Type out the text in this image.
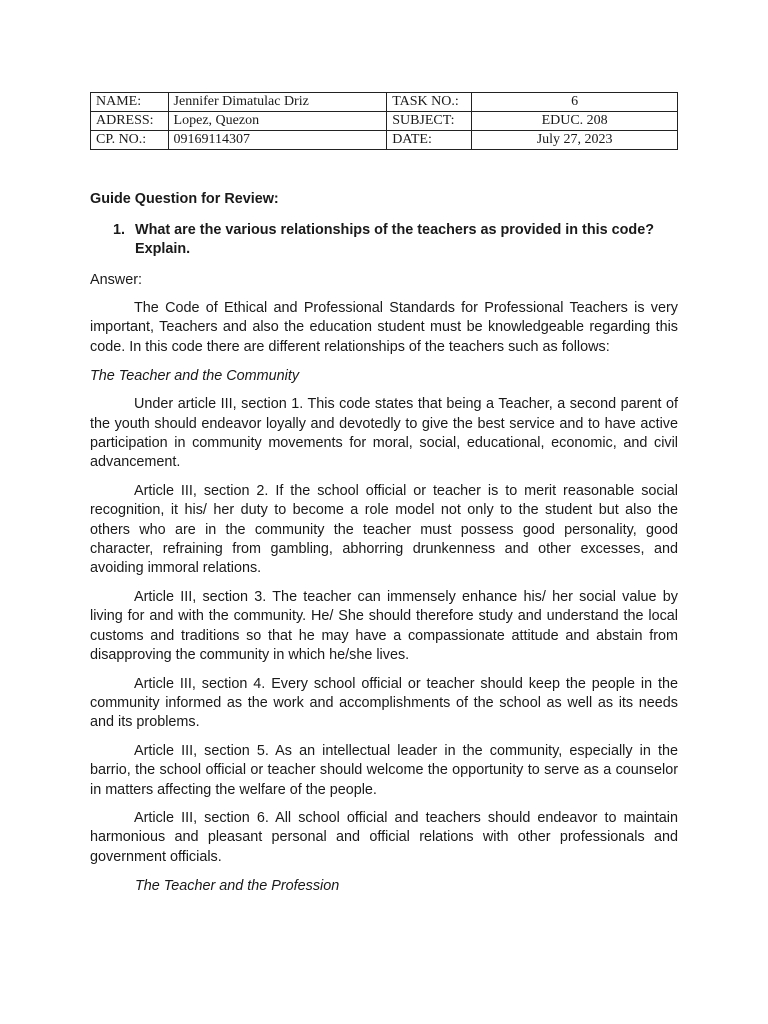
NAME:	Jennifer Dimatulac Driz	TASK NO.:	6
ADRESS:	Lopez, Quezon	SUBJECT:	EDUC. 208
CP. NO.:	09169114307	DATE:	July 27, 2023
Guide Question for Review:
1. What are the various relationships of the teachers as provided in this code? Explain.
Answer:

The Code of Ethical and Professional Standards for Professional Teachers is very important, Teachers and also the education student must be knowledgeable regarding this code. In this code there are different relationships of the teachers such as follows:

The Teacher and the Community

Under article III, section 1. This code states that being a Teacher, a second parent of the youth should endeavor loyally and devotedly to give the best service and to have active participation in community movements for moral, social, educational, economic, and civil advancement.

Article III, section 2. If the school official or teacher is to merit reasonable social recognition, it his/ her duty to become a role model not only to the student but also the others who are in the community the teacher must possess good personality, good character, refraining from gambling, abhorring drunkenness and other excesses, and avoiding immoral relations.

Article III, section 3. The teacher can immensely enhance his/ her social value by living for and with the community. He/ She should therefore study and understand the local customs and traditions so that he may have a compassionate attitude and abstain from disapproving the community in which he/she lives.

Article III, section 4. Every school official or teacher should keep the people in the community informed as the work and accomplishments of the school as well as its needs and its problems.

Article III, section 5. As an intellectual leader in the community, especially in the barrio, the school official or teacher should welcome the opportunity to serve as a counselor in matters affecting the welfare of the people.

Article III, section 6. All school official and teachers should endeavor to maintain harmonious and pleasant personal and official relations with other professionals and government officials.

The Teacher and the Profession
